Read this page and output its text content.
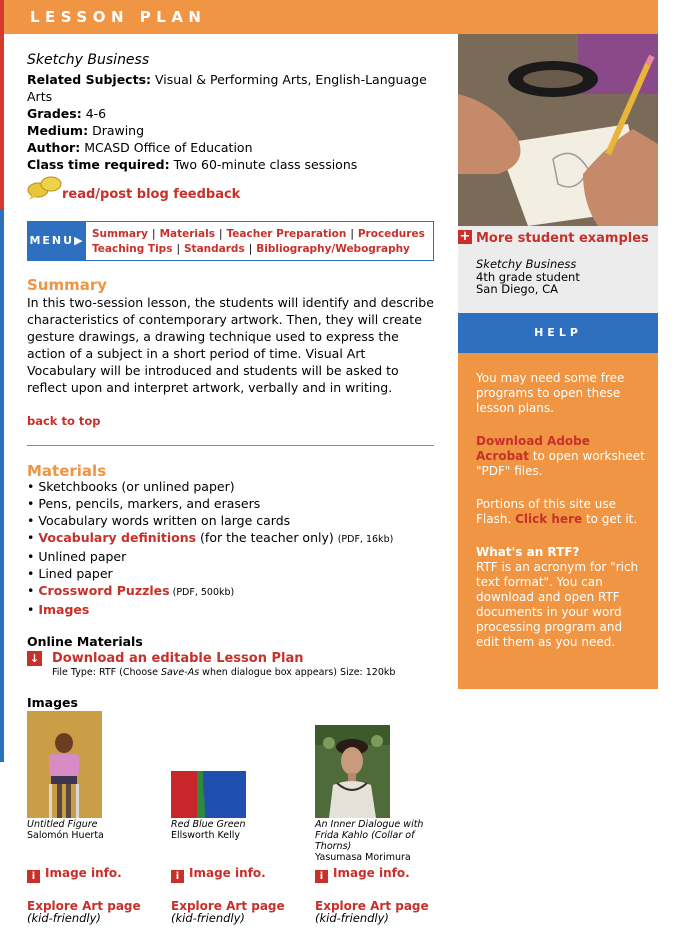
LESSON PLAN
Sketchy Business
Related Subjects: Visual & Performing Arts, English-Language Arts
Grades: 4-6
Medium: Drawing
Author: MCASD Office of Education
Class time required: Two 60-minute class sessions
read/post blog feedback
MENU▶ Summary | Materials | Teacher Preparation | Procedures
Teaching Tips | Standards | Bibliography/Webography
Summary
In this two-session lesson, the students will identify and describe characteristics of contemporary artwork. Then, they will create gesture drawings, a drawing technique used to express the action of a subject in a short period of time. Visual Art Vocabulary will be introduced and students will be asked to reflect upon and interpret artwork, verbally and in writing.
back to top
Materials
• Sketchbooks (or unlined paper)
• Pens, pencils, markers, and erasers
• Vocabulary words written on large cards
• Vocabulary definitions (for the teacher only) (PDF, 16kb)
• Unlined paper
• Lined paper
• Crossword Puzzles (PDF, 500kb)
• Images
Online Materials
↓ Download an editable Lesson Plan
File Type: RTF (Choose Save-As when dialogue box appears) Size: 120kb
Images
Untitled Figure
Salomón Huerta
Red Blue Green
Ellsworth Kelly
An Inner Dialogue with Frida Kahlo (Collar of Thorns)
Yasumasa Morimura
i Image info.	i Image info.	i Image info.
Explore Art page
(kid-friendly)
Explore Art page
(kid-friendly)
Explore Art page
(kid-friendly)
+ More student examples
Sketchy Business
4th grade student
San Diego, CA
HELP

You may need some free programs to open these lesson plans.

Download Adobe Acrobat to open worksheet "PDF" files.

Portions of this site use Flash. Click here to get it.

What's an RTF?
RTF is an acronym for "rich text format". You can download and open RTF documents in your word processing program and edit them as you need.
